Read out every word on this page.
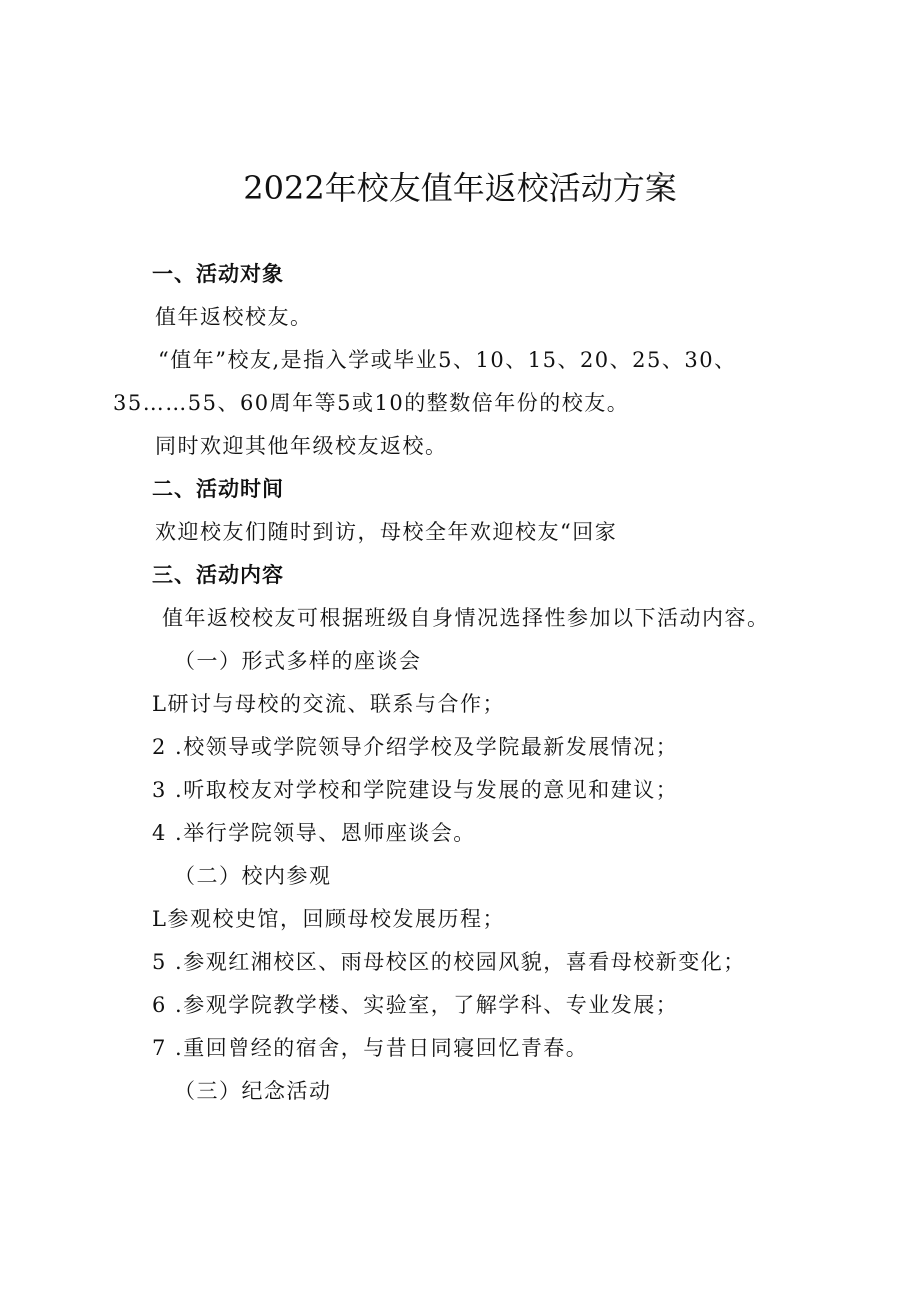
2022年校友值年返校活动方案
一、活动对象
值年返校校友。
“值年”校友,是指入学或毕业5、10、15、20、25、30、
35……55、60周年等5或10的整数倍年份的校友。
同时欢迎其他年级校友返校。
二、活动时间
欢迎校友们随时到访，母校全年欢迎校友“回家
三、活动内容
值年返校校友可根据班级自身情况选择性参加以下活动内容。
（一）形式多样的座谈会
L研讨与母校的交流、联系与合作；
2 .校领导或学院领导介绍学校及学院最新发展情况；
3 .听取校友对学校和学院建设与发展的意见和建议；
4 .举行学院领导、恩师座谈会。
（二）校内参观
L参观校史馆，回顾母校发展历程；
5 .参观红湘校区、雨母校区的校园风貌，喜看母校新变化；
6 .参观学院教学楼、实验室，了解学科、专业发展；
7 .重回曾经的宿舍，与昔日同寝回忆青春。
（三）纪念活动
